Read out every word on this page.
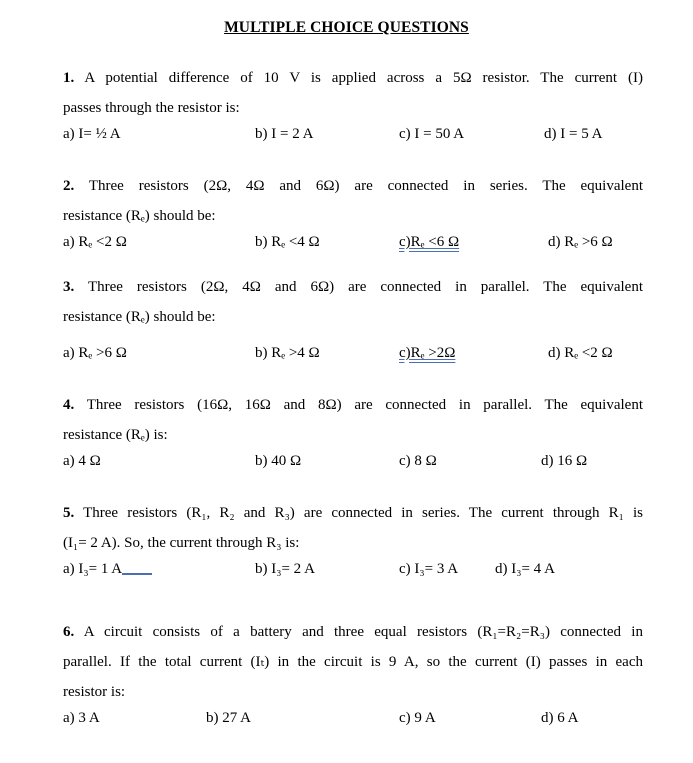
MULTIPLE CHOICE QUESTIONS
1. A potential difference of 10 V is applied across a 5Ω resistor. The current (I)
passes through the resistor is:
a) I= ½ A	b) I = 2 A	c) I = 50 A	d) I = 5 A
2. Three resistors (2Ω, 4Ω and 6Ω) are connected in series. The equivalent
resistance (Rₑ) should be:
a) Rₑ <2 Ω	b) Rₑ <4 Ω	c)Rₑ <6 Ω	d) Rₑ >6 Ω
3. Three resistors (2Ω, 4Ω and 6Ω) are connected in parallel. The equivalent
resistance (Rₑ) should be:
a) Rₑ >6 Ω	b) Rₑ >4 Ω	c)Rₑ >2Ω	d) Rₑ <2 Ω
4. Three resistors (16Ω, 16Ω and 8Ω) are connected in parallel. The equivalent
resistance (Rₑ) is:
a) 4 Ω	b) 40 Ω	c) 8 Ω	d) 16 Ω
5. Three resistors (R₁, R₂ and R₃) are connected in series. The current through R₁ is
(I₁= 2 A). So, the current through R₃ is:
a) I₃= 1 A	b) I₃= 2 A	c) I₃= 3 A d) I₃= 4 A
6. A circuit consists of a battery and three equal resistors (R₁=R₂=R₃) connected in
parallel. If the total current (Iₜ) in the circuit is 9 A, so the current (I) passes in each
resistor is:
a) 3 A	b) 27 A	c) 9 A	d) 6 A
